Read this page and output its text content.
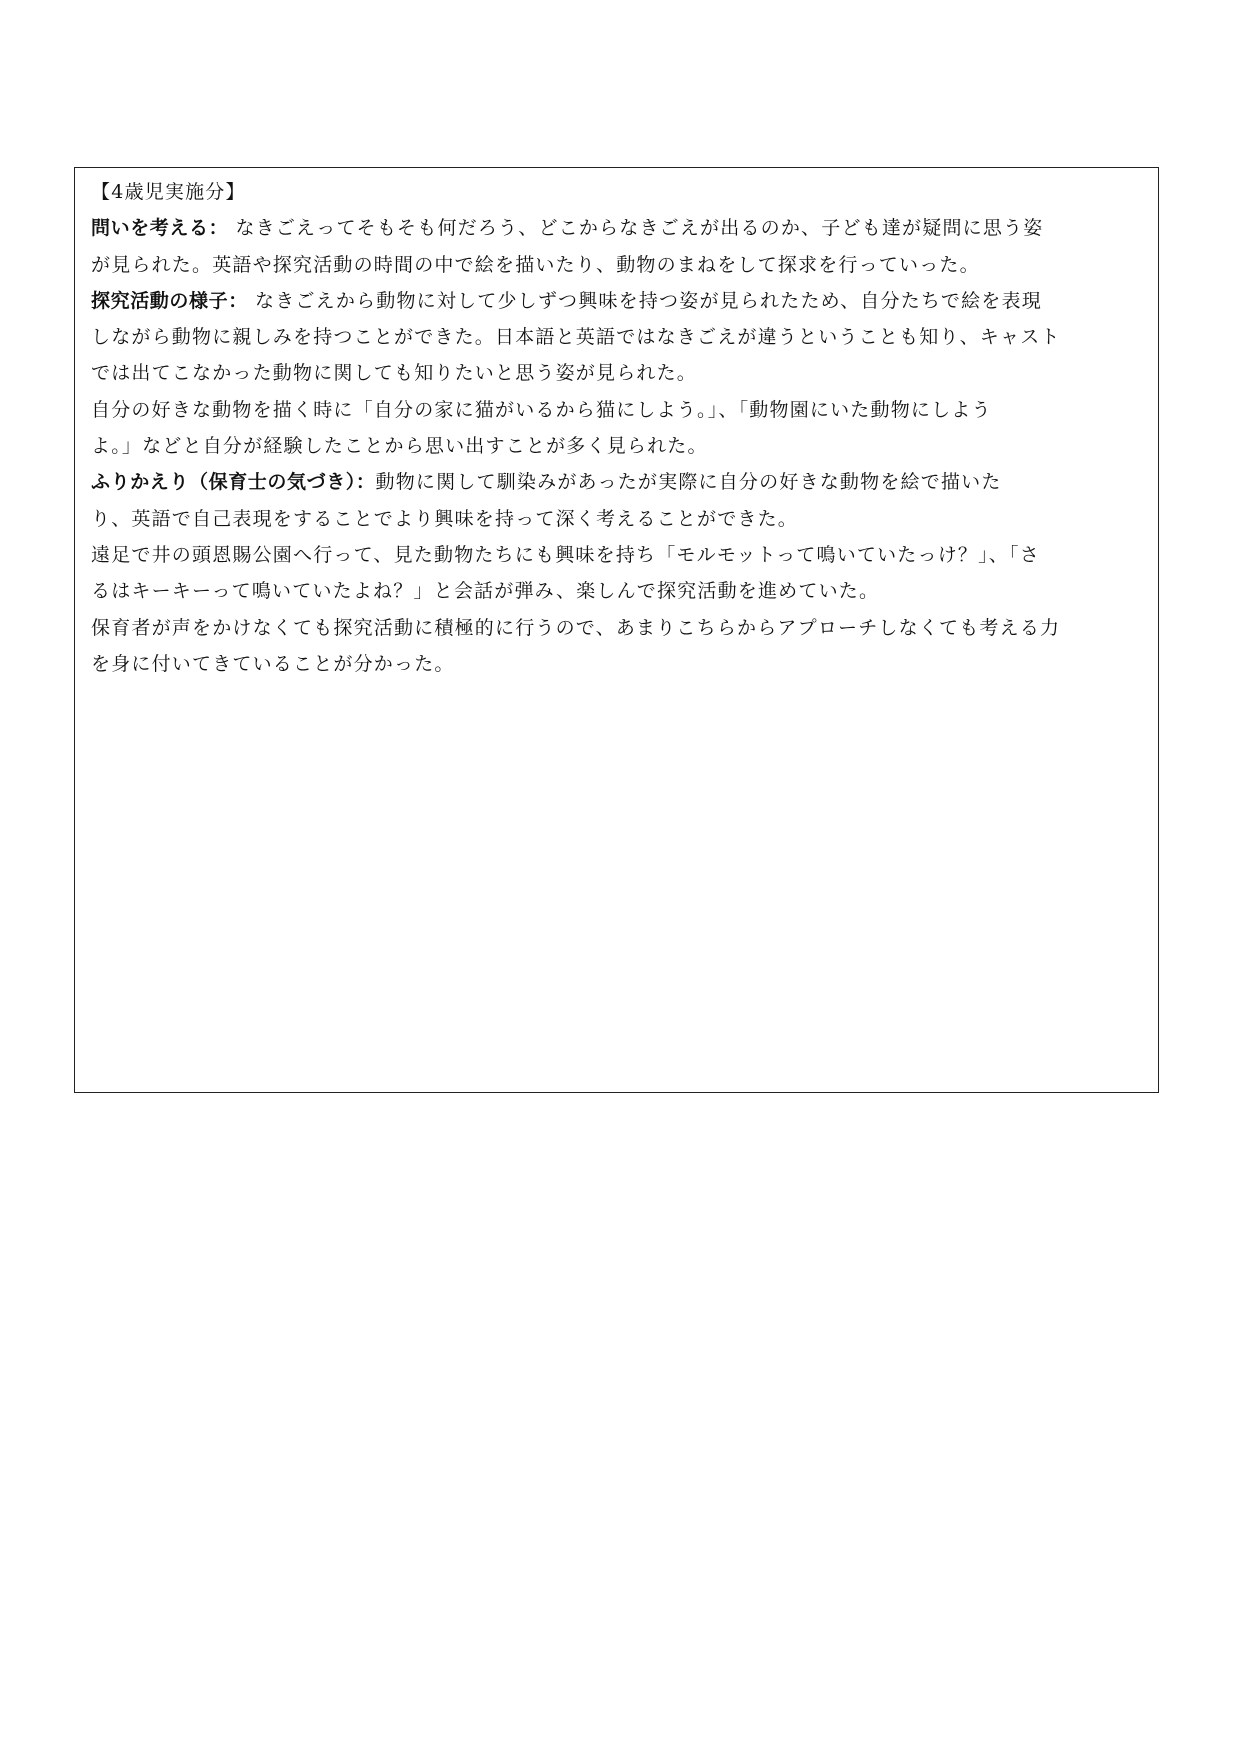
【4歳児実施分】
問いを考える： なきごえってそもそも何だろう、どこからなきごえが出るのか、子ども達が疑問に思う姿
が見られた。英語や探究活動の時間の中で絵を描いたり、動物のまねをして探求を行っていった。
探究活動の様子： なきごえから動物に対して少しずつ興味を持つ姿が見られたため、自分たちで絵を表現
しながら動物に親しみを持つことができた。日本語と英語ではなきごえが違うということも知り、キャスト
では出てこなかった動物に関しても知りたいと思う姿が見られた。
自分の好きな動物を描く時に「自分の家に猫がいるから猫にしよう。」、「動物園にいた動物にしよう
よ。」などと自分が経験したことから思い出すことが多く見られた。
ふりかえり（保育士の気づき）：動物に関して馴染みがあったが実際に自分の好きな動物を絵で描いた
り、英語で自己表現をすることでより興味を持って深く考えることができた。
遠足で井の頭恩賜公園へ行って、見た動物たちにも興味を持ち「モルモットって鳴いていたっけ？」、「さ
るはキーキーって鳴いていたよね？」と会話が弾み、楽しんで探究活動を進めていた。
保育者が声をかけなくても探究活動に積極的に行うので、あまりこちらからアプローチしなくても考える力
を身に付いてきていることが分かった。
